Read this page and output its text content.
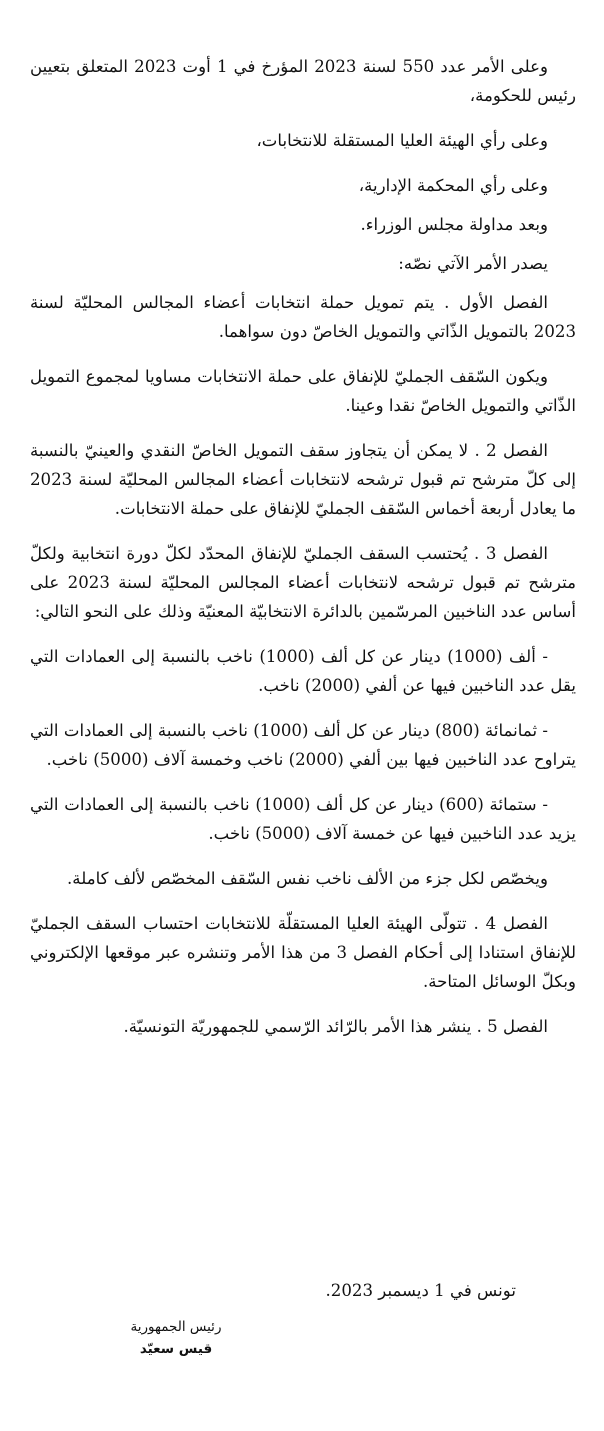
وعلى الأمر عدد 550 لسنة 2023 المؤرخ في 1 أوت 2023 المتعلق بتعيين رئيس للحكومة،

وعلى رأي الهيئة العليا المستقلة للانتخابات،

وعلى رأي المحكمة الإدارية،

وبعد مداولة مجلس الوزراء.

يصدر الأمر الآتي نصّه:

الفصل الأول . يتم تمويل حملة انتخابات أعضاء المجالس المحليّة لسنة 2023 بالتمويل الذّاتي والتمويل الخاصّ دون سواهما.

ويكون السّقف الجمليّ للإنفاق على حملة الانتخابات مساويا لمجموع التمويل الذّاتي والتمويل الخاصّ نقدا وعينا.

الفصل 2 . لا يمكن أن يتجاوز سقف التمويل الخاصّ النقدي والعينيّ بالنسبة إلى كلّ مترشح تم قبول ترشحه لانتخابات أعضاء المجالس المحليّة لسنة 2023 ما يعادل أربعة أخماس السّقف الجمليّ للإنفاق على حملة الانتخابات.

الفصل 3 . يُحتسب السقف الجمليّ للإنفاق المحدّد لكلّ دورة انتخابية ولكلّ مترشح تم قبول ترشحه لانتخابات أعضاء المجالس المحليّة لسنة 2023 على أساس عدد الناخبين المرسّمين بالدائرة الانتخابيّة المعنيّة وذلك على النحو التالي:

- ألف (1000) دينار عن كل ألف (1000) ناخب بالنسبة إلى العمادات التي يقل عدد الناخبين فيها عن ألفي (2000) ناخب.

- ثمانمائة (800) دينار عن كل ألف (1000) ناخب بالنسبة إلى العمادات التي يتراوح عدد الناخبين فيها بين ألفي (2000) ناخب وخمسة آلاف (5000) ناخب.

- ستمائة (600) دينار عن كل ألف (1000) ناخب بالنسبة إلى العمادات التي يزيد عدد الناخبين فيها عن خمسة آلاف (5000) ناخب.

ويخصّص لكل جزء من الألف ناخب نفس السّقف المخصّص لألف كاملة.

الفصل 4 . تتولّى الهيئة العليا المستقلّة للانتخابات احتساب السقف الجمليّ للإنفاق استنادا إلى أحكام الفصل 3 من هذا الأمر وتنشره عبر موقعها الإلكتروني وبكلّ الوسائل المتاحة.

الفصل 5 . ينشر هذا الأمر بالرّائد الرّسمي للجمهوريّة التونسيّة.

تونس في 1 ديسمبر 2023.
رئيس الجمهورية
قيس سعيّد
